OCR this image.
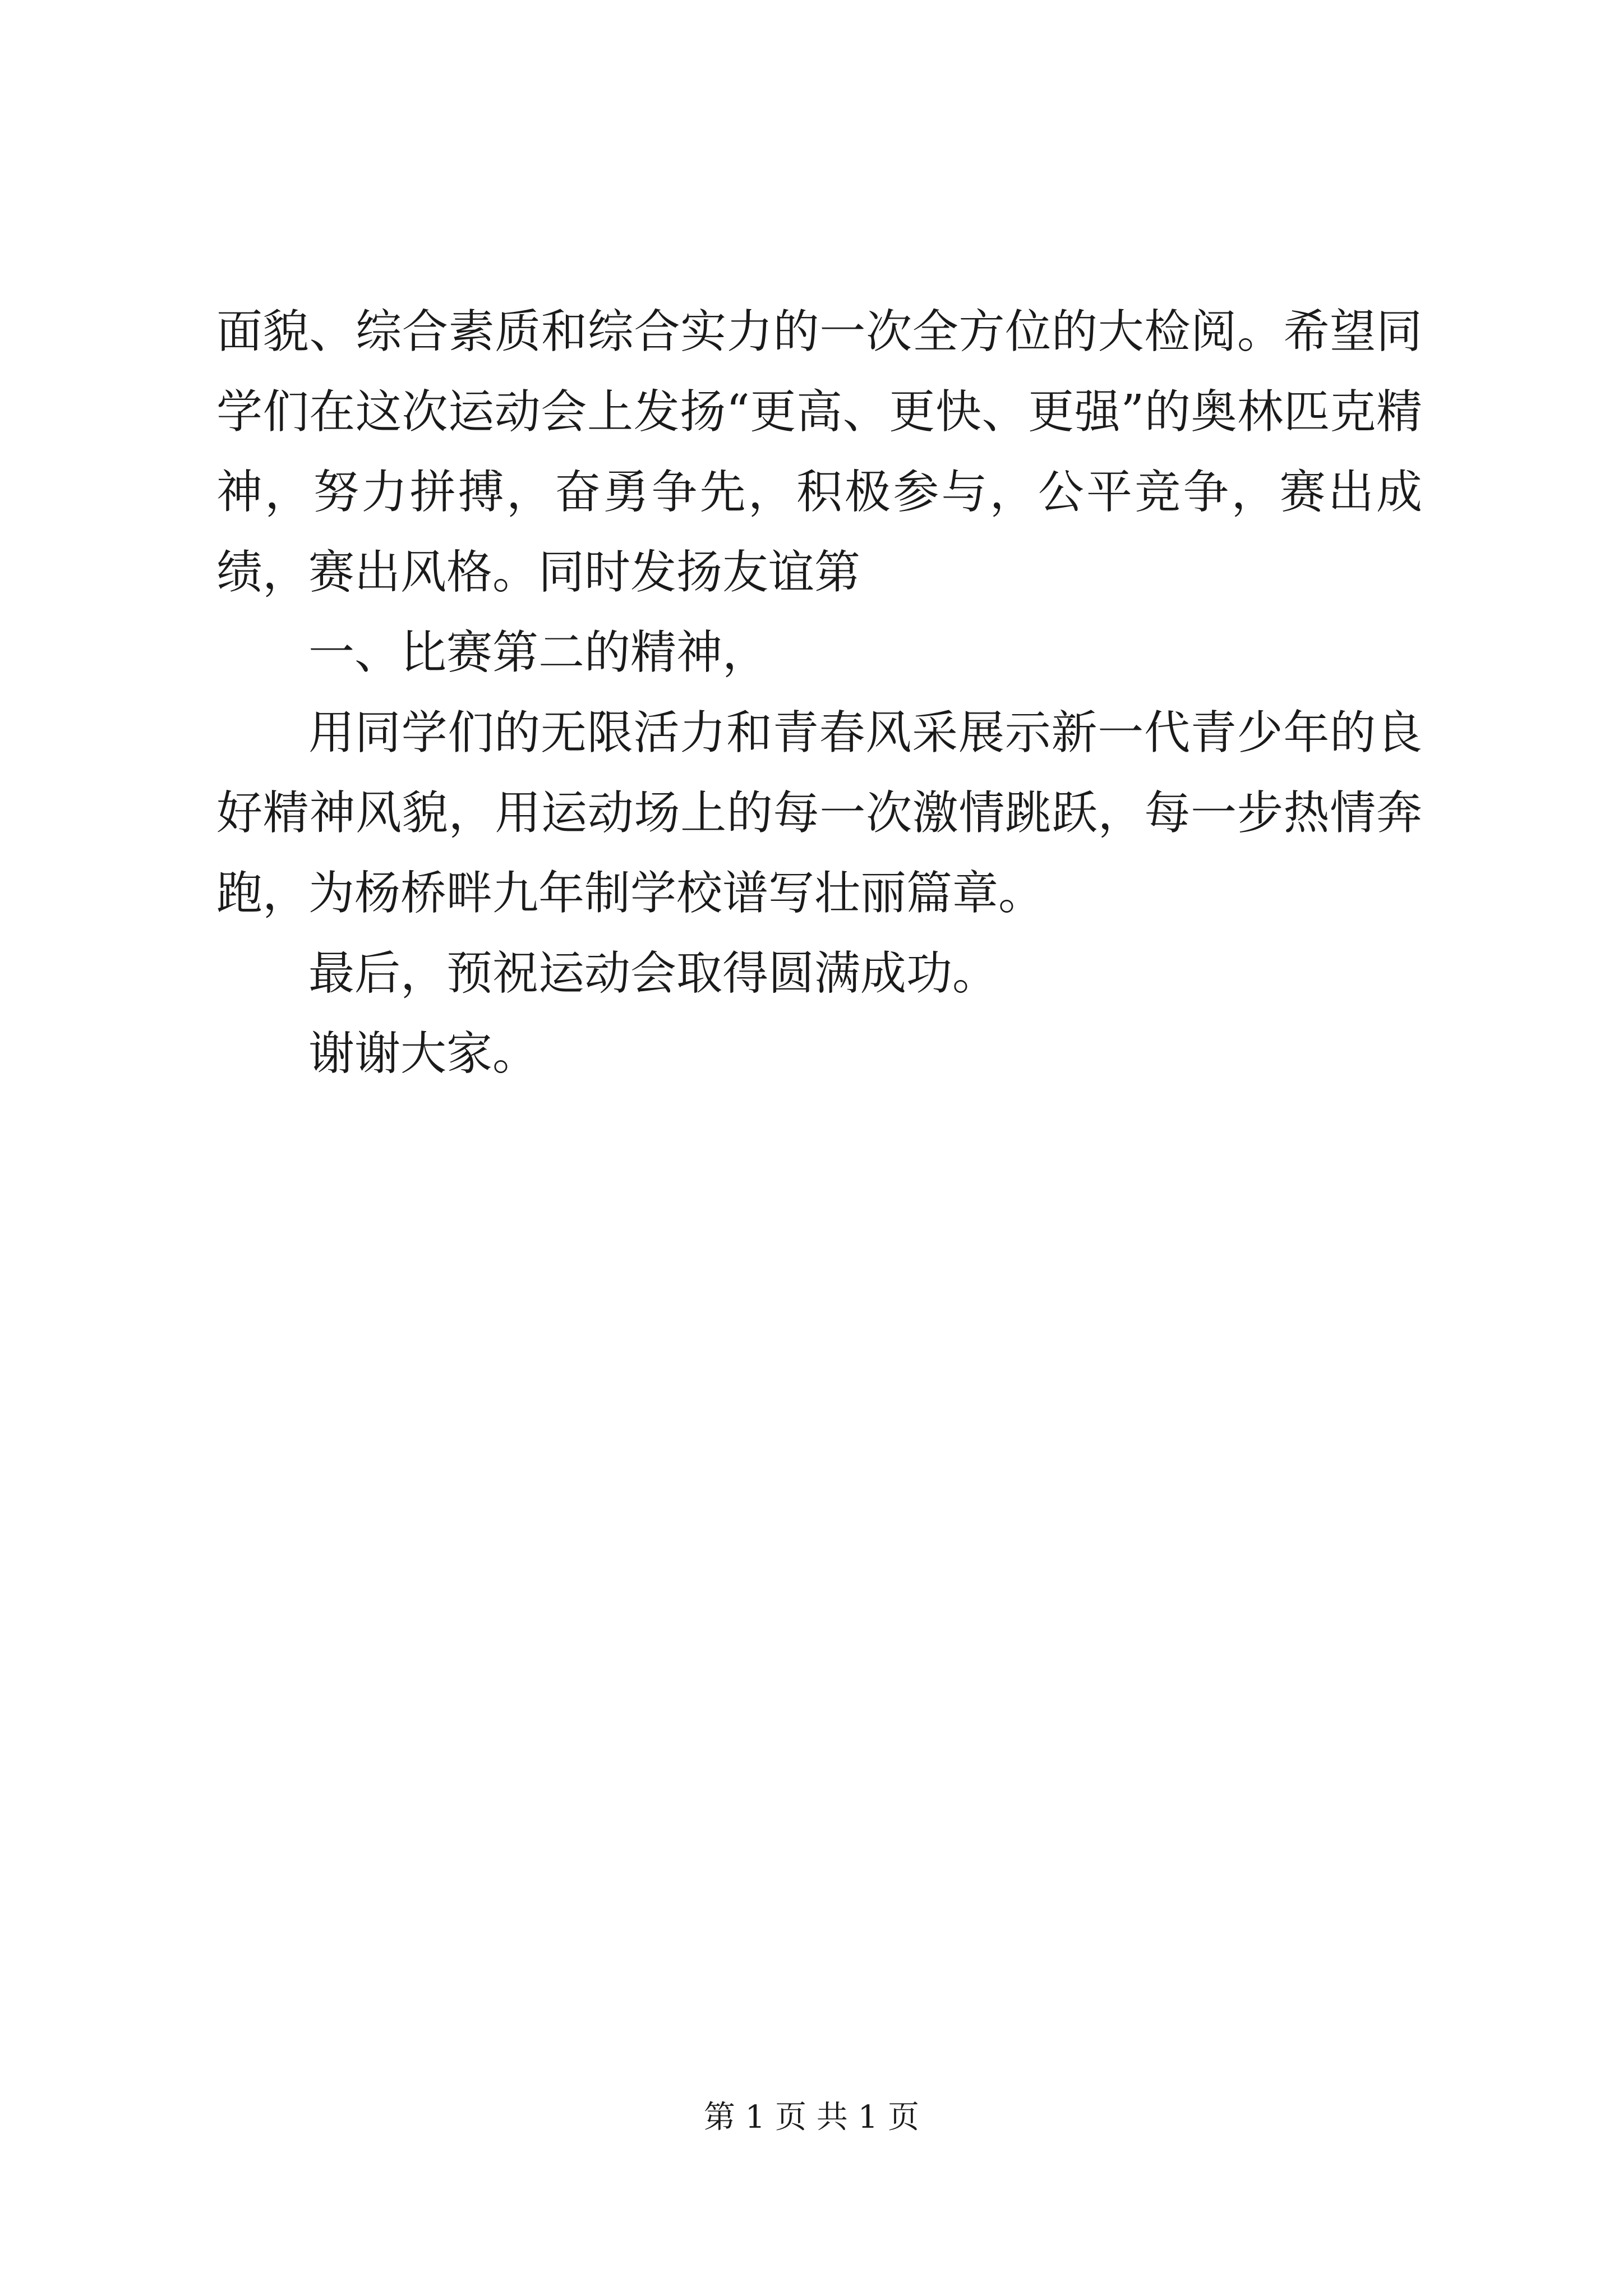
面貌、综合素质和综合实力的一次全方位的大检阅。希望同学们在这次运动会上发扬“更高、更快、更强”的奥林匹克精神，努力拼搏，奋勇争先，积极参与，公平竞争，赛出成绩，赛出风格。同时发扬友谊第

一、比赛第二的精神，

用同学们的无限活力和青春风采展示新一代青少年的良好精神风貌，用运动场上的每一次激情跳跃，每一步热情奔跑，为杨桥畔九年制学校谱写壮丽篇章。

最后，预祝运动会取得圆满成功。

谢谢大家。

第 1 页 共 1 页
